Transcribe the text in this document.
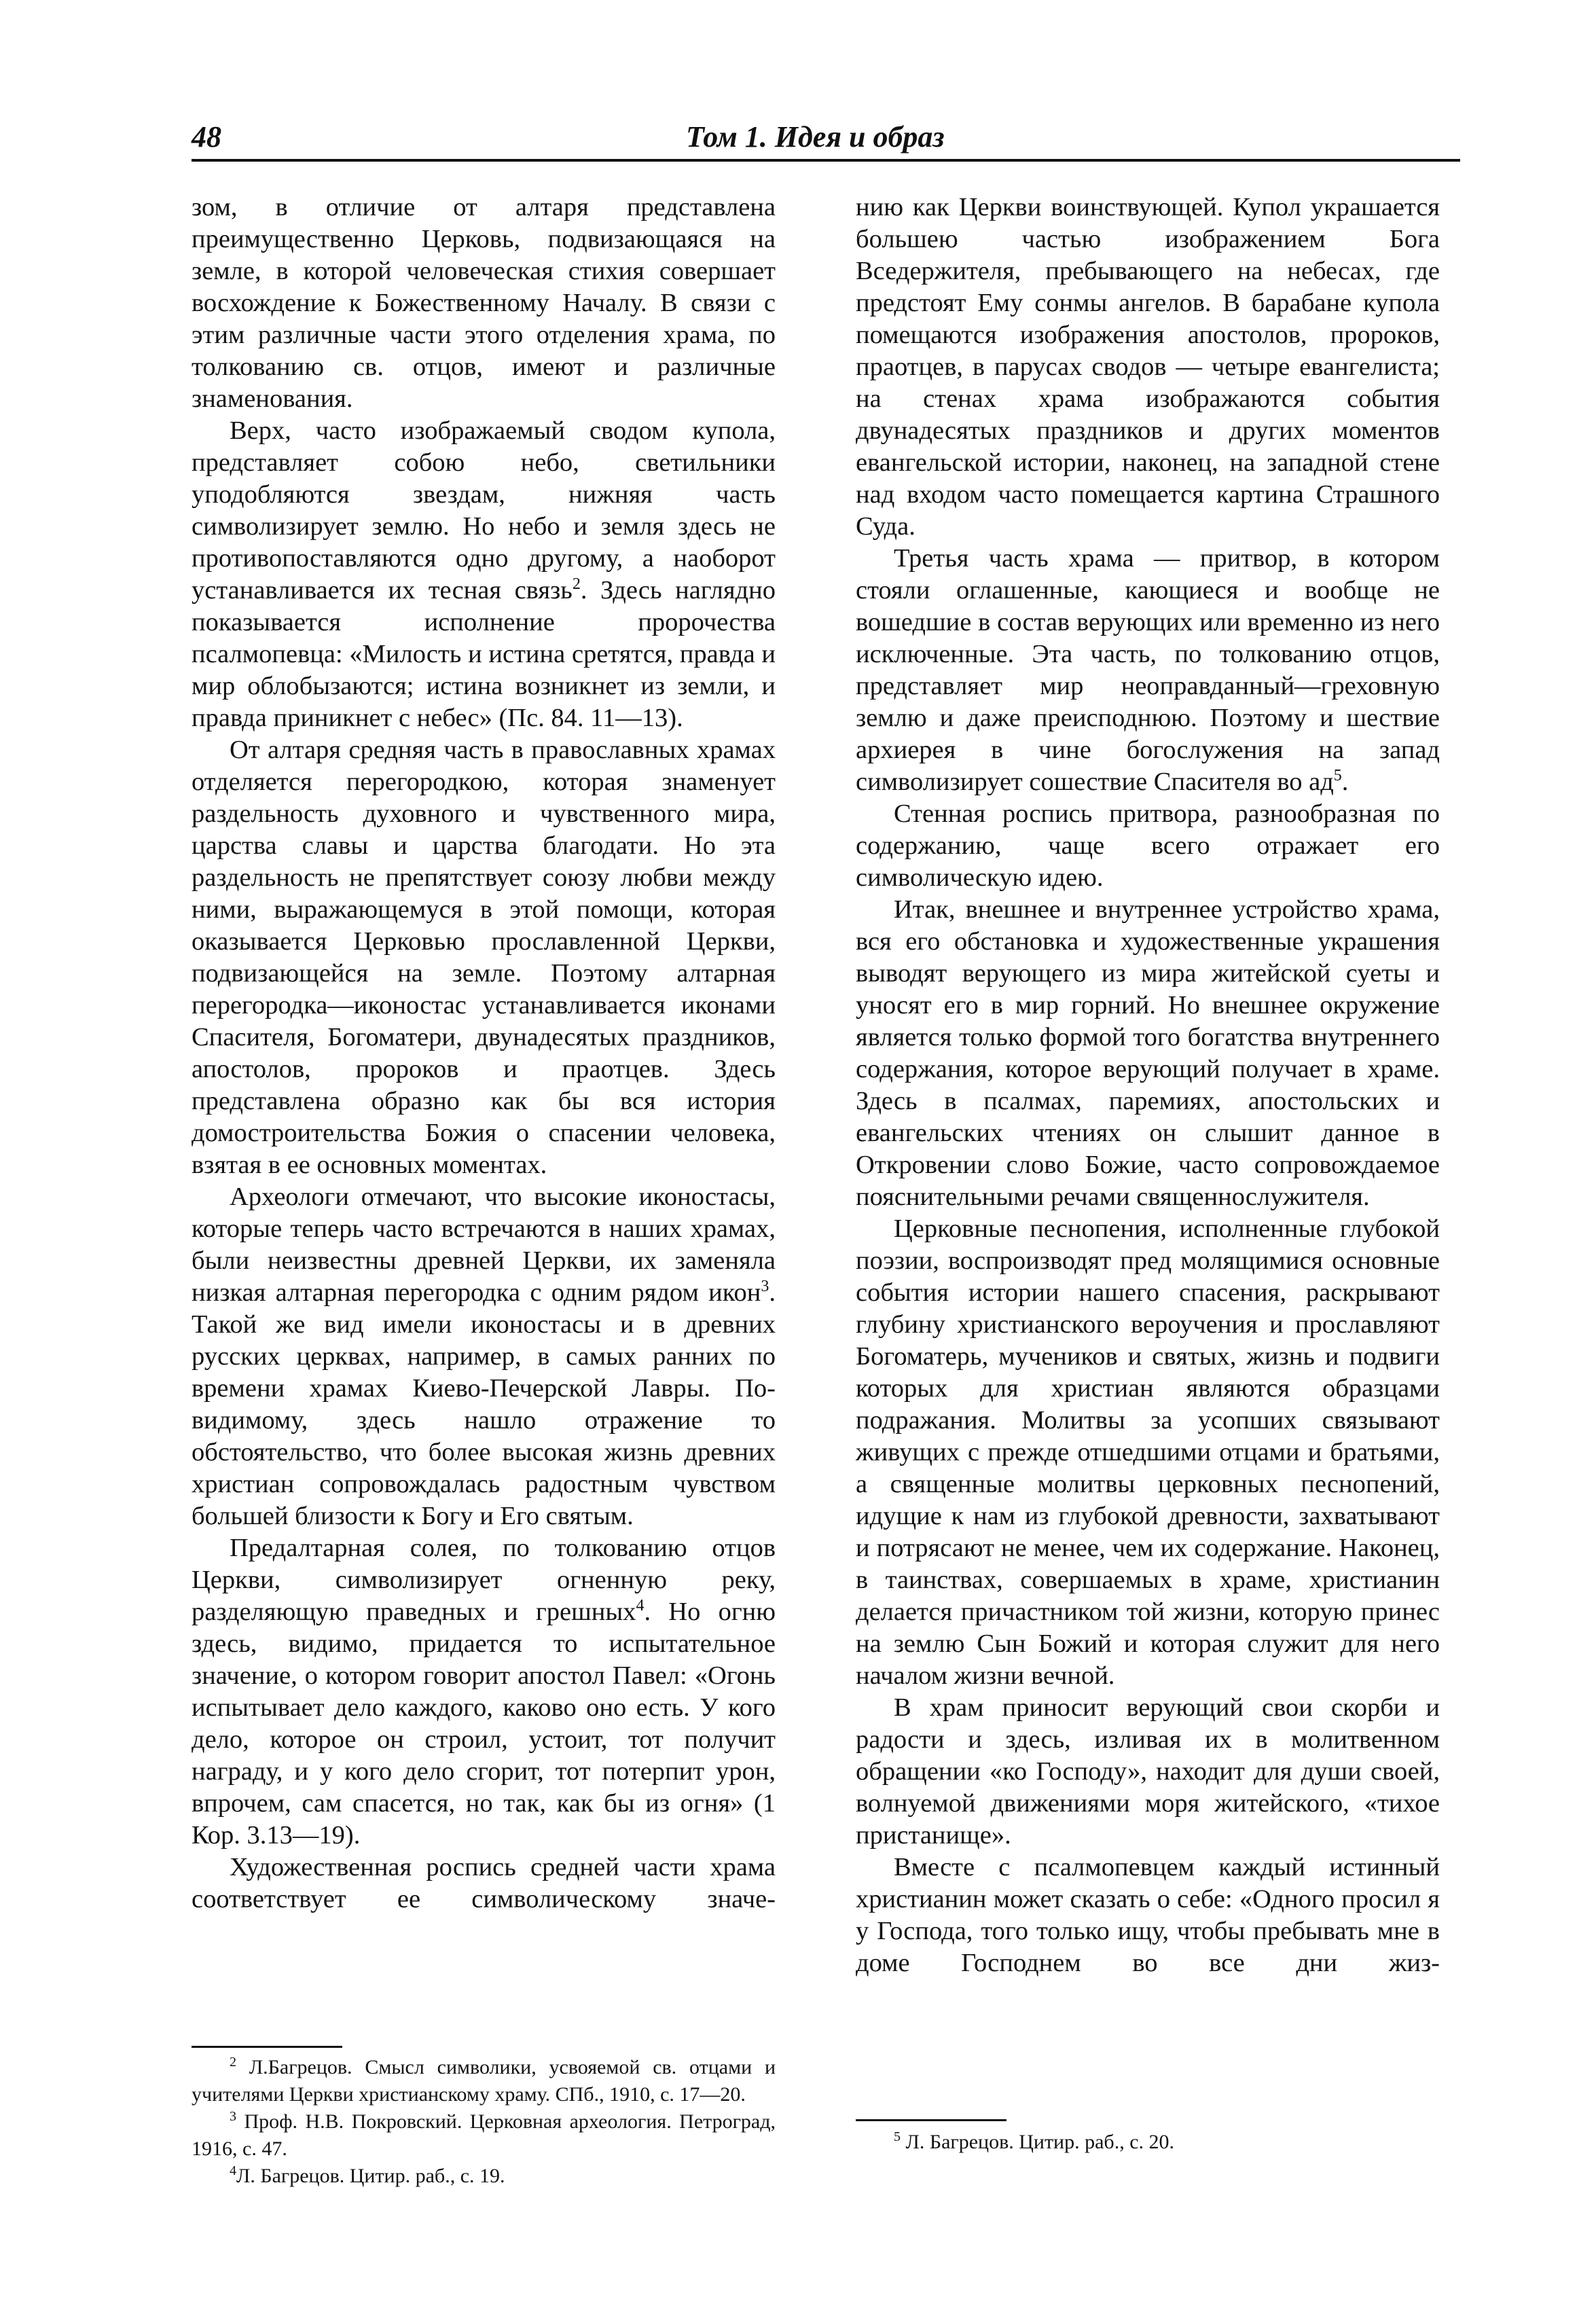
48	Том 1. Идея и образ

зом, в отличие от алтаря представлена преимущественно Церковь, подвизающаяся на земле, в которой человеческая стихия совершает восхождение к Божественному Началу. В связи с этим различные части этого отделения храма, по толкованию св. отцов, имеют и различные знаменования.

Верх, часто изображаемый сводом купола, представляет собою небо, светильники уподобляются звездам, нижняя часть символизирует землю. Но небо и земля здесь не противопоставляются одно другому, а наоборот устанавливается их тесная связь$^2$. Здесь наглядно показывается исполнение пророчества псалмопевца: «Милость и истина сретятся, правда и мир облобызаются; истина возникнет из земли, и правда приникнет с небес» (Пс. 84. 11—13).

От алтаря средняя часть в православных храмах отделяется перегородкою, которая знаменует раздельность духовного и чувственного мира, царства славы и царства благодати. Но эта раздельность не препятствует союзу любви между ними, выражающемуся в этой помощи, которая оказывается Церковью прославленной Церкви, подвизающейся на земле. Поэтому алтарная перегородка—иконостас устанавливается иконами Спасителя, Богоматери, двунадесятых праздников, апостолов, пророков и праотцев. Здесь представлена образно как бы вся история домостроительства Божия о спасении человека, взятая в ее основных моментах.

Археологи отмечают, что высокие иконостасы, которые теперь часто встречаются в наших храмах, были неизвестны древней Церкви, их заменяла низкая алтарная перегородка с одним рядом икон$^3$. Такой же вид имели иконостасы и в древних русских церквах, например, в самых ранних по времени храмах Киево-Печерской Лавры. По-видимому, здесь нашло отражение то обстоятельство, что более высокая жизнь древних христиан сопровождалась радостным чувством большей близости к Богу и Его святым.

Предалтарная солея, по толкованию отцов Церкви, символизирует огненную реку, разделяющую праведных и грешных$^4$. Но огню здесь, видимо, придается то испытательное значение, о котором говорит апостол Павел: «Огонь испытывает дело каждого, каково оно есть. У кого дело, которое он строил, устоит, тот получит награду, и у кого дело сгорит, тот потерпит урон, впрочем, сам спасется, но так, как бы из огня» (1 Кор. 3.13—19).

Художественная роспись средней части храма соответствует ее символическому значе-

нию как Церкви воинствующей. Купол украшается большею частью изображением Бога Вседержителя, пребывающего на небесах, где предстоят Ему сонмы ангелов. В барабане купола помещаются изображения апостолов, пророков, праотцев, в парусах сводов — четыре евангелиста; на стенах храма изображаются события двунадесятых праздников и других моментов евангельской истории, наконец, на западной стене над входом часто помещается картина Страшного Суда.

Третья часть храма — притвор, в котором стояли оглашенные, кающиеся и вообще не вошедшие в состав верующих или временно из него исключенные. Эта часть, по толкованию отцов, представляет мир неоправданный—греховную землю и даже преисподнюю. Поэтому и шествие архиерея в чине богослужения на запад символизирует сошествие Спасителя во $ад^5$.

Стенная роспись притвора, разнообразная по содержанию, чаще всего отражает его символическую идею.

Итак, внешнее и внутреннее устройство храма, вся его обстановка и художественные украшения выводят верующего из мира житейской суеты и уносят его в мир горний. Но внешнее окружение является только формой того богатства внутреннего содержания, которое верующий получает в храме. Здесь в псалмах, паремиях, апостольских и евангельских чтениях он слышит данное в Откровении слово Божие, часто сопровождаемое пояснительными речами священнослужителя.

Церковные песнопения, исполненные глубокой поэзии, воспроизводят пред молящимися основные события истории нашего спасения, раскрывают глубину христианского вероучения и прославляют Богоматерь, мучеников и святых, жизнь и подвиги которых для христиан являются образцами подражания. Молитвы за усопших связывают живущих с прежде отшедшими отцами и братьями, а священные молитвы церковных песнопений, идущие к нам из глубокой древности, захватывают и потрясают не менее, чем их содержание. Наконец, в таинствах, совершаемых в храме, христианин делается причастником той жизни, которую принес на землю Сын Божий и которая служит для него началом жизни вечной.

В храм приносит верующий свои скорби и радости и здесь, изливая их в молитвенном обращении «ко Господу», находит для души своей, волнуемой движениями моря житейского, «тихое пристанище».

Вместе с псалмопевцем каждый истинный христианин может сказать о себе: «Одного просил я у Господа, того только ищу, чтобы пребывать мне в доме Господнем во все дни жиз-

$^2$ Л.Багрецов. Смысл символики, усвояемой св. отцами и учителями Церкви христианскому храму. СПб., 1910, с. 17—20.

$^3$ Проф. Н.В. Покровский. Церковная археология. Петроград, 1916, с. 47.

$^4$Л. Багрецов. Цитир. раб., с. 19.

$^5$ Л. Багрецов. Цитир. раб., с. 20.
